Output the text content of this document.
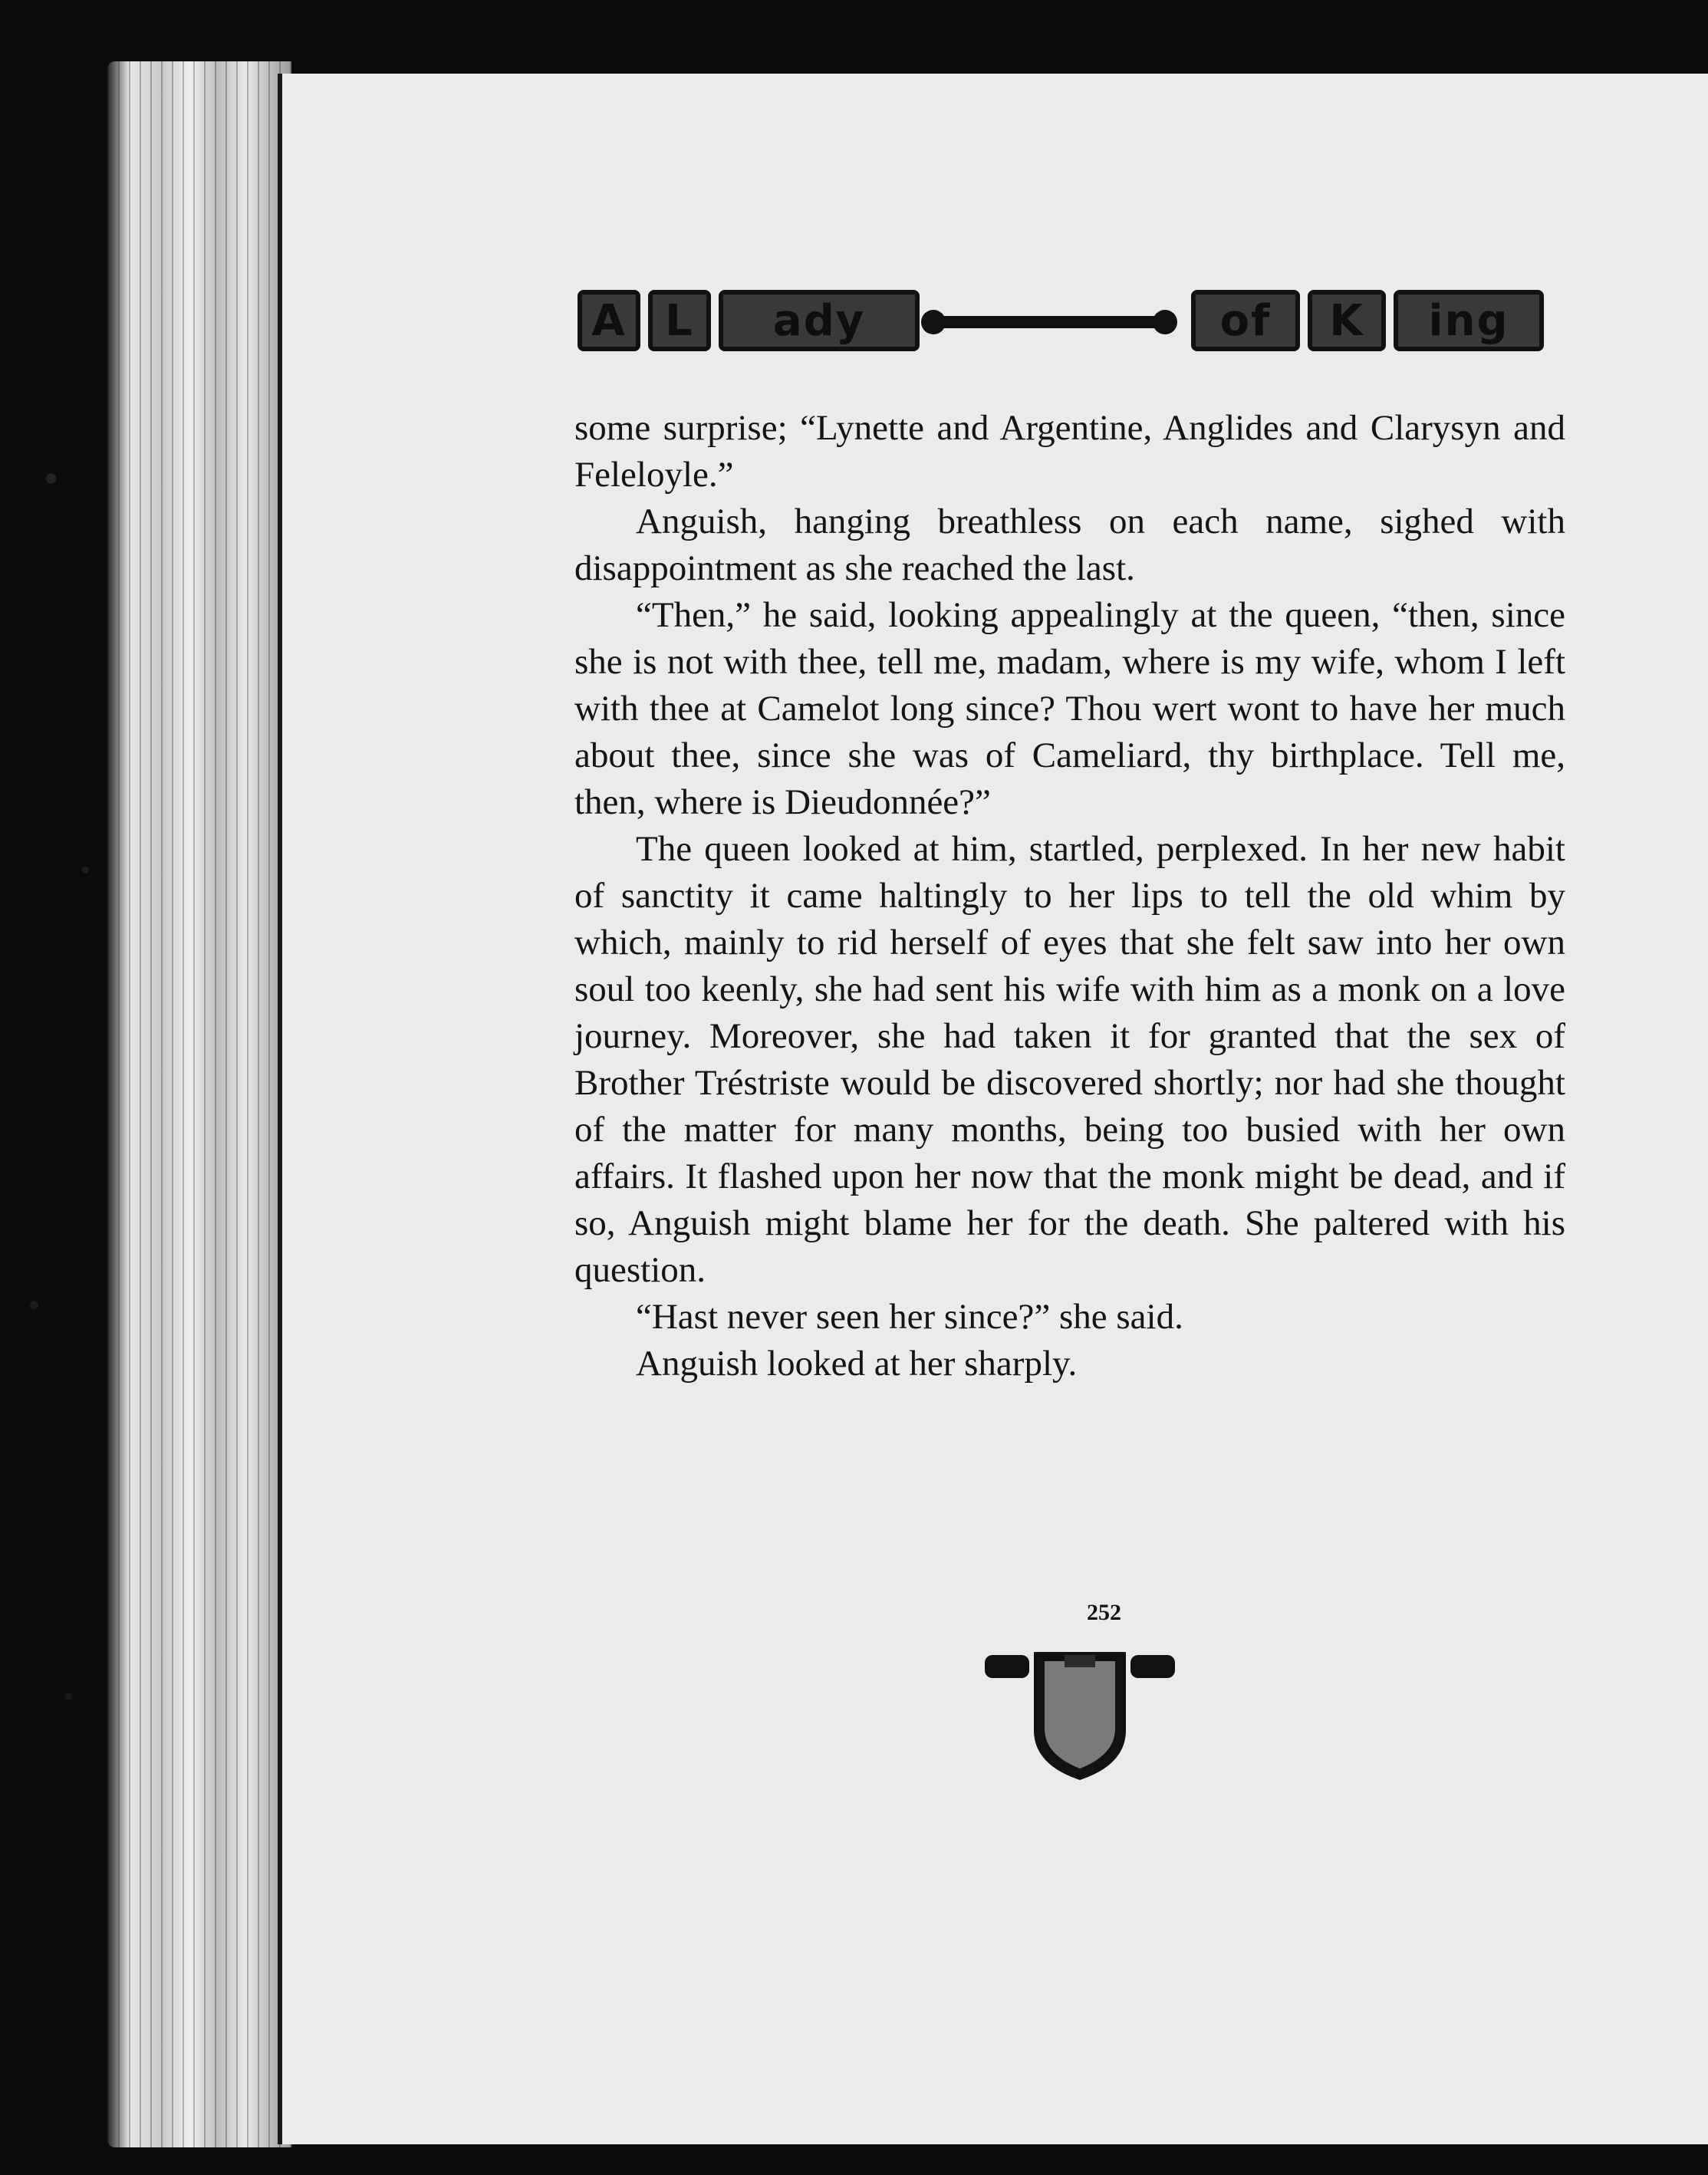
A L	ady	of	K	ing

some surprise; “Lynette and Argentine, Anglides and Clarysyn and Feleloyle.”

Anguish, hanging breathless on each name, sighed with disappointment as she reached the last.

“Then,” he said, looking appealingly at the queen, “then, since she is not with thee, tell me, madam, where is my wife, whom I left with thee at Camelot long since? Thou wert wont to have her much about thee, since she was of Cameliard, thy birthplace. Tell me, then, where is Dieudonnée?”

The queen looked at him, startled, perplexed. In her new habit of sanctity it came haltingly to her lips to tell the old whim by which, mainly to rid herself of eyes that she felt saw into her own soul too keenly, she had sent his wife with him as a monk on a love journey. Moreover, she had taken it for granted that the sex of Brother Tréstriste would be discovered shortly; nor had she thought of the matter for many months, being too busied with her own affairs. It flashed upon her now that the monk might be dead, and if so, Anguish might blame her for the death. She paltered with his question.

“Hast never seen her since?” she said.

Anguish looked at her sharply.

252
